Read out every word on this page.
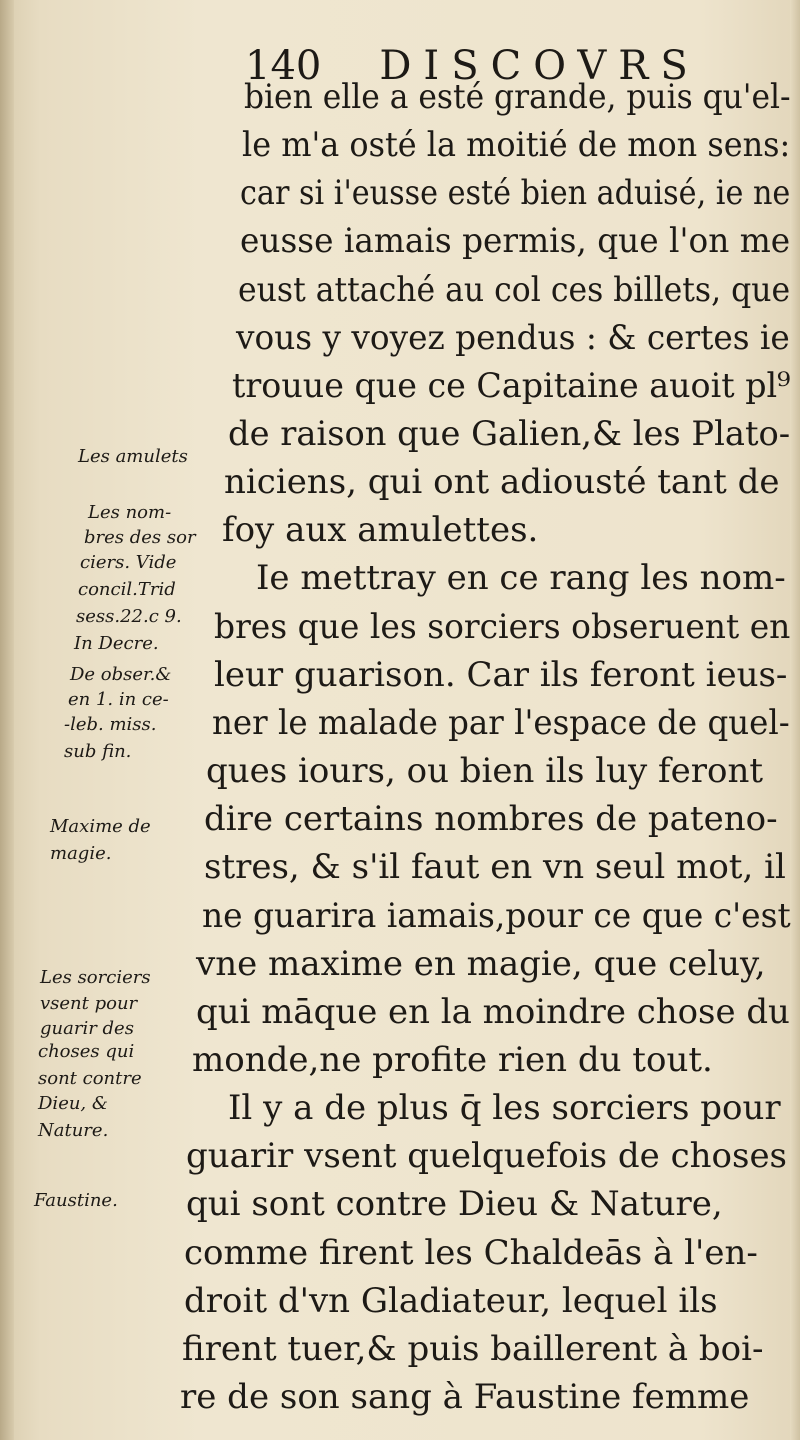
140 DISCOVRS
bien elle a esté grande, puis qu'el-
le m'a osté la moitié de mon sens:
car si i'eusse esté bien aduisé, ie ne
eusse iamais permis, que l'on me
eust attaché au col ces billets, que
vous y voyez pendus : & certes ie
trouue que ce Capitaine auoit pl⁹
de raison que Galien,& les Plato-
niciens, qui ont adiousté tant de
foy aux amulettes.
Ie mettray en ce rang les nom-
bres que les sorciers obseruent en
leur guarison. Car ils feront ieus-
ner le malade par l'espace de quel-
ques iours, ou bien ils luy feront
dire certains nombres de pateno-
stres, & s'il faut en vn seul mot, il
ne guarira iamais,pour ce que c'est
vne maxime en magie, que celuy,
qui māque en la moindre chose du
monde,ne profite rien du tout.
Il y a de plus q̄ les sorciers pour
guarir vsent quelquefois de choses
qui sont contre Dieu & Nature,
comme firent les Chaldeās à l'en-
droit d'vn Gladiateur, lequel ils
firent tuer,& puis baillerent à boi-
re de son sang à Faustine femme
Les amulets
Les nom-
bres des sor
ciers. Vide
concil.Trid
sess.22.c 9.
In Decre.
De obser.&
en 1. in ce-
-leb. miss.
sub fin.
Maxime de
magie.
Les sorciers
vsent pour
guarir des
choses qui
sont contre
Dieu, &
Nature.
Faustine.
